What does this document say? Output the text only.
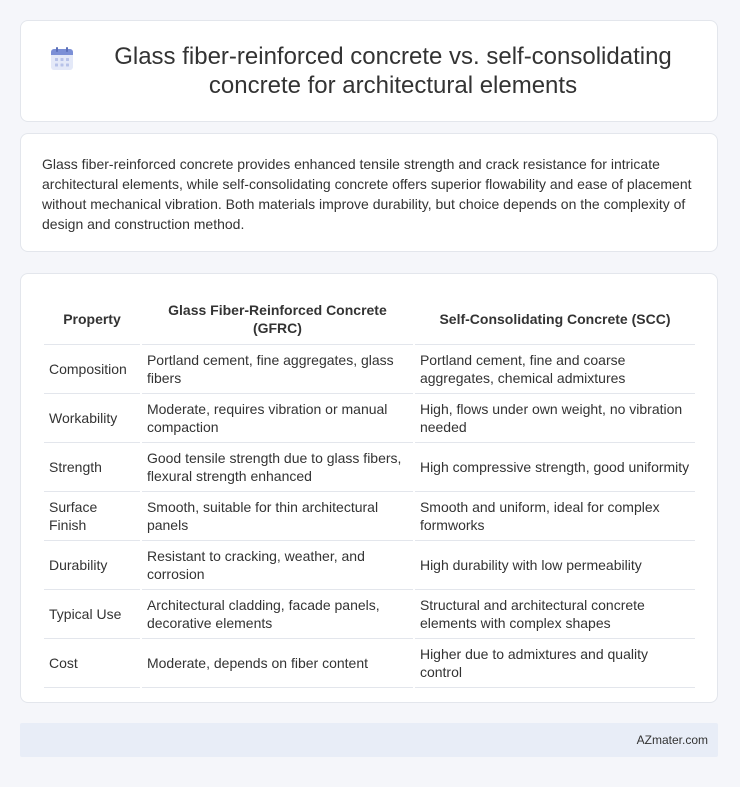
Glass fiber-reinforced concrete vs. self-consolidating concrete for architectural elements

Glass fiber-reinforced concrete provides enhanced tensile strength and crack resistance for intricate architectural elements, while self-consolidating concrete offers superior flowability and ease of placement without mechanical vibration. Both materials improve durability, but choice depends on the complexity of design and construction method.

Property	Glass Fiber-Reinforced Concrete (GFRC)	Self-Consolidating Concrete (SCC)
Composition	Portland cement, fine aggregates, glass fibers	Portland cement, fine and coarse aggregates, chemical admixtures
Workability	Moderate, requires vibration or manual compaction	High, flows under own weight, no vibration needed
Strength	Good tensile strength due to glass fibers, flexural strength enhanced	High compressive strength, good uniformity
Surface Finish	Smooth, suitable for thin architectural panels	Smooth and uniform, ideal for complex formworks
Durability	Resistant to cracking, weather, and corrosion	High durability with low permeability
Typical Use	Architectural cladding, facade panels, decorative elements	Structural and architectural concrete elements with complex shapes
Cost	Moderate, depends on fiber content	Higher due to admixtures and quality control
AZmater.com
